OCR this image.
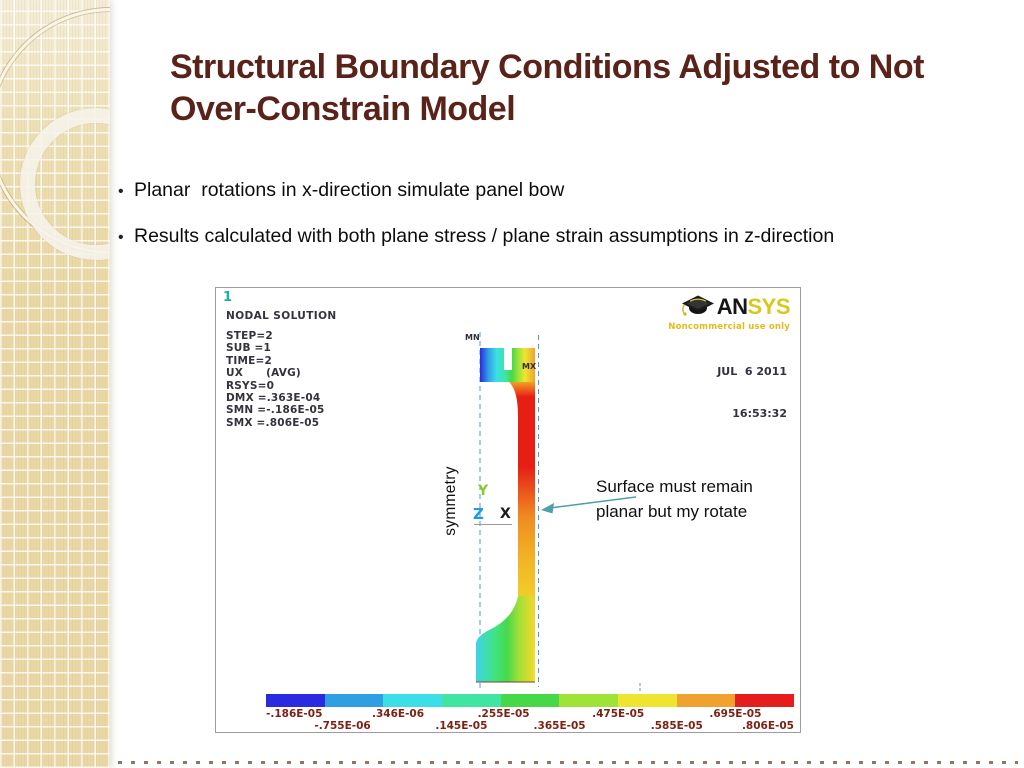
Structural Boundary Conditions Adjusted to Not Over-Constrain Model
• Planar  rotations in x-direction simulate panel bow
• Results calculated with both plane stress / plane strain assumptions in z-direction
1
NODAL SOLUTION
STEP=2
SUB =1
TIME=2
UX      (AVG)
RSYS=0
DMX =.363E-04
SMN =-.186E-05
SMX =.806E-05
ANSYS
Noncommercial use only

JUL  6 2011

16:53:32

MN
MX
symmetry Y
Z X
Surface must remain
planar but my rotate
-.186E-05
-.755E-06
.346E-06
.145E-05
.255E-05
.365E-05
.475E-05
.585E-05
.695E-05
.806E-05
